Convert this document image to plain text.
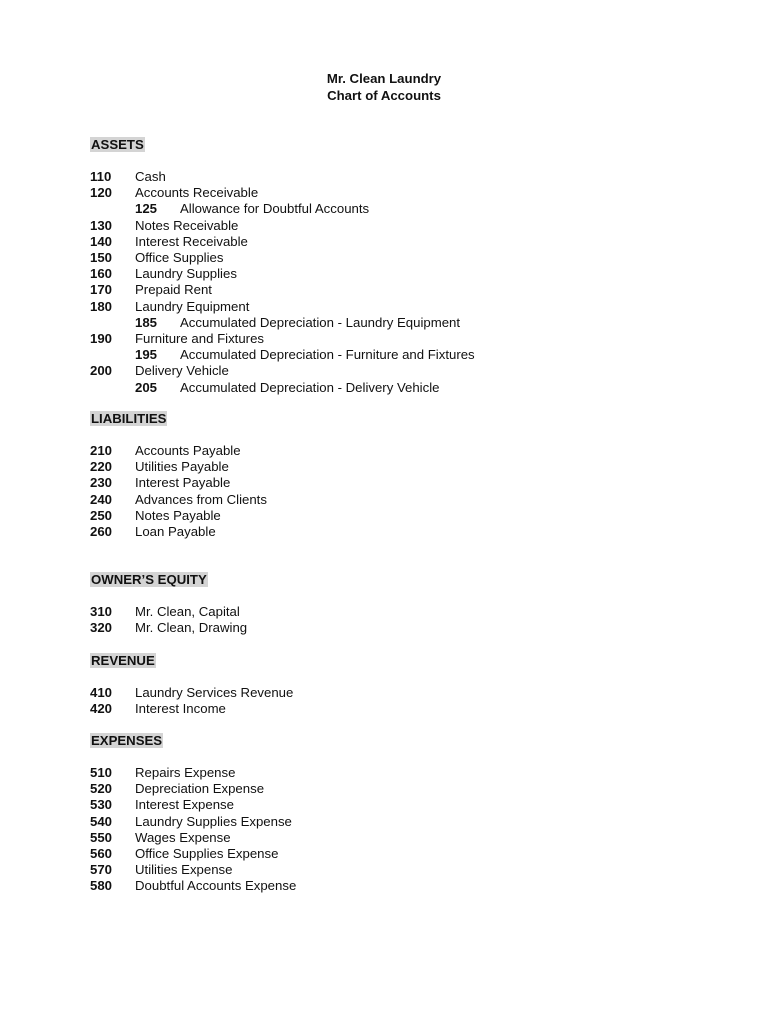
Mr. Clean Laundry
Chart of Accounts
ASSETS
110 Cash
120 Accounts Receivable
125 Allowance for Doubtful Accounts
130 Notes Receivable
140 Interest Receivable
150 Office Supplies
160 Laundry Supplies
170 Prepaid Rent
180 Laundry Equipment
185 Accumulated Depreciation - Laundry Equipment
190 Furniture and Fixtures
195 Accumulated Depreciation - Furniture and Fixtures
200 Delivery Vehicle
205 Accumulated Depreciation - Delivery Vehicle
LIABILITIES
210 Accounts Payable
220 Utilities Payable
230 Interest Payable
240 Advances from Clients
250 Notes Payable
260 Loan Payable
OWNER’S EQUITY
310 Mr. Clean, Capital
320 Mr. Clean, Drawing
REVENUE
410 Laundry Services Revenue
420 Interest Income
EXPENSES
510 Repairs Expense
520 Depreciation Expense
530 Interest Expense
540 Laundry Supplies Expense
550 Wages Expense
560 Office Supplies Expense
570 Utilities Expense
580 Doubtful Accounts Expense
